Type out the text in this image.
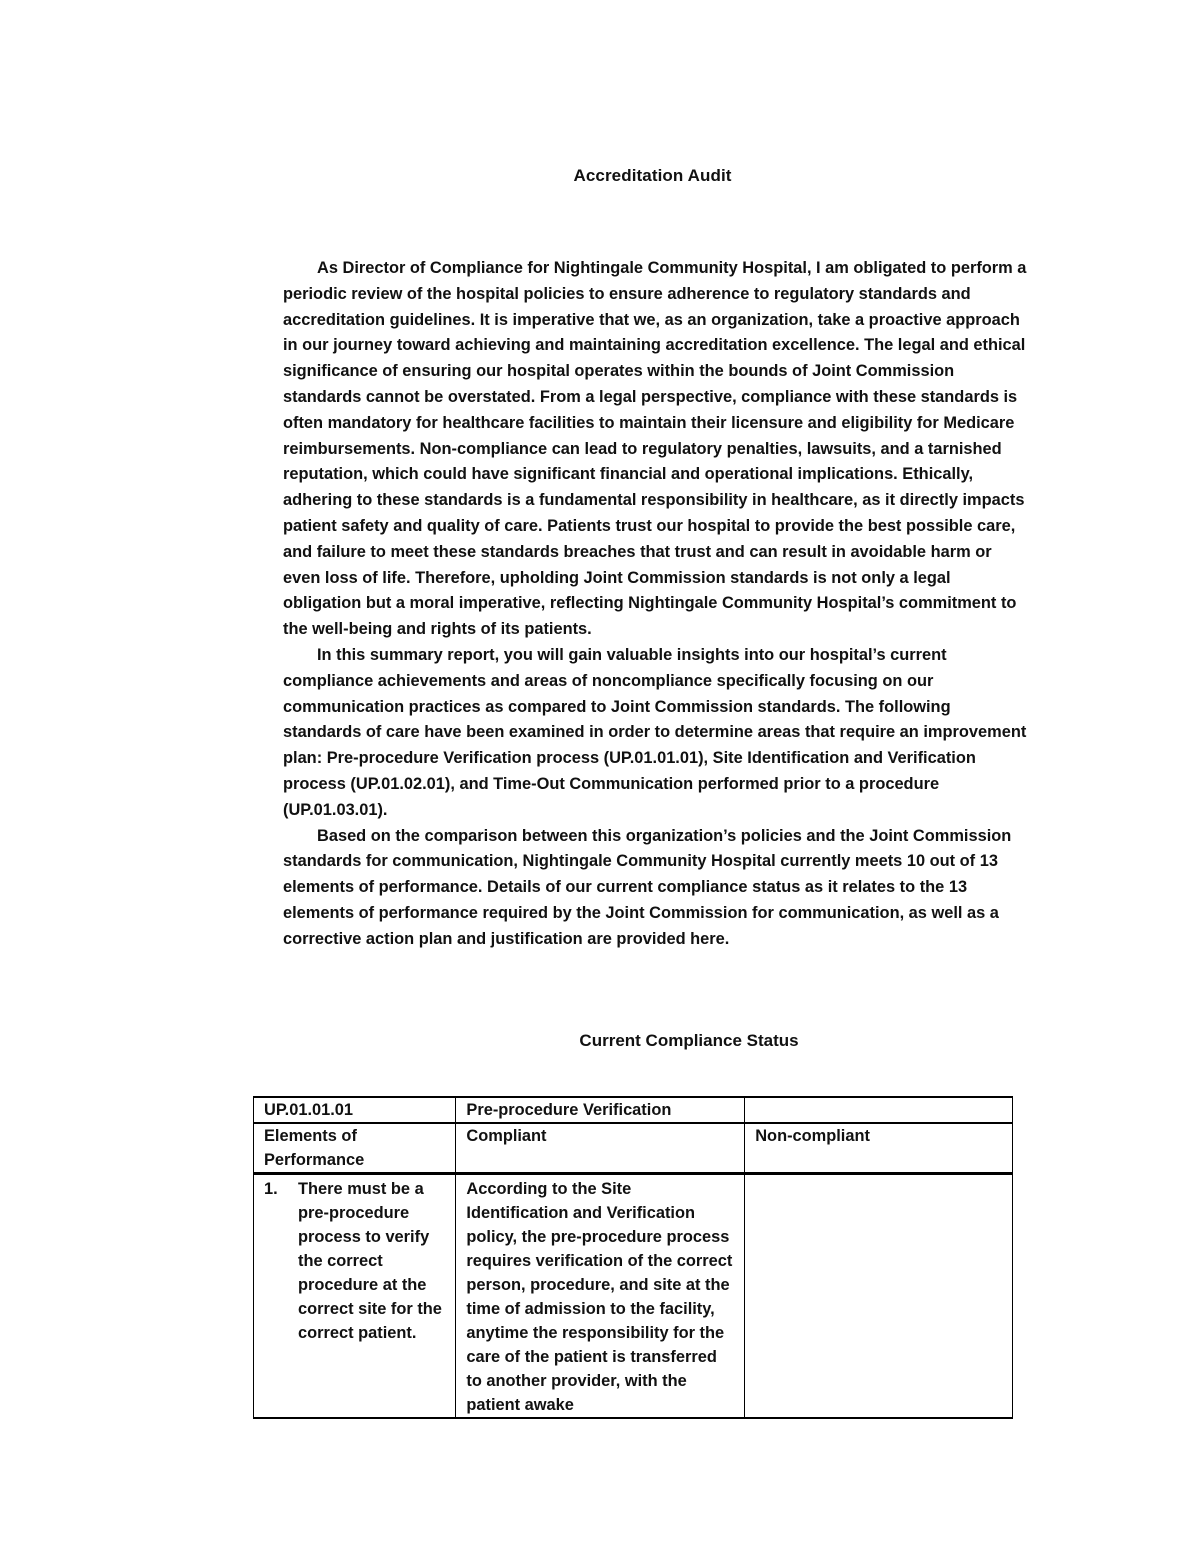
Accreditation Audit

As Director of Compliance for Nightingale Community Hospital, I am obligated to perform a periodic review of the hospital policies to ensure adherence to regulatory standards and accreditation guidelines. It is imperative that we, as an organization, take a proactive approach in our journey toward achieving and maintaining accreditation excellence. The legal and ethical significance of ensuring our hospital operates within the bounds of Joint Commission standards cannot be overstated. From a legal perspective, compliance with these standards is often mandatory for healthcare facilities to maintain their licensure and eligibility for Medicare reimbursements. Non-compliance can lead to regulatory penalties, lawsuits, and a tarnished reputation, which could have significant financial and operational implications. Ethically, adhering to these standards is a fundamental responsibility in healthcare, as it directly impacts patient safety and quality of care. Patients trust our hospital to provide the best possible care, and failure to meet these standards breaches that trust and can result in avoidable harm or even loss of life. Therefore, upholding Joint Commission standards is not only a legal obligation but a moral imperative, reflecting Nightingale Community Hospital’s commitment to the well-being and rights of its patients.

In this summary report, you will gain valuable insights into our hospital’s current compliance achievements and areas of noncompliance specifically focusing on our communication practices as compared to Joint Commission standards. The following standards of care have been examined in order to determine areas that require an improvement plan: Pre-procedure Verification process (UP.01.01.01), Site Identification and Verification process (UP.01.02.01), and Time-Out Communication performed prior to a procedure (UP.01.03.01).

Based on the comparison between this organization’s policies and the Joint Commission standards for communication, Nightingale Community Hospital currently meets 10 out of 13 elements of performance. Details of our current compliance status as it relates to the 13 elements of performance required by the Joint Commission for communication, as well as a corrective action plan and justification are provided here.

Current Compliance Status
UP.01.01.01	Pre-procedure Verification	
Elements of Performance	Compliant	Non-compliant

1. There must be a pre-procedure process to verify the correct procedure at the correct site for the correct patient.	According to the Site Identification and Verification policy, the pre-procedure process requires verification of the correct person, procedure, and site at the time of admission to the facility, anytime the responsibility for the care of the patient is transferred to another provider, with the patient awake	
